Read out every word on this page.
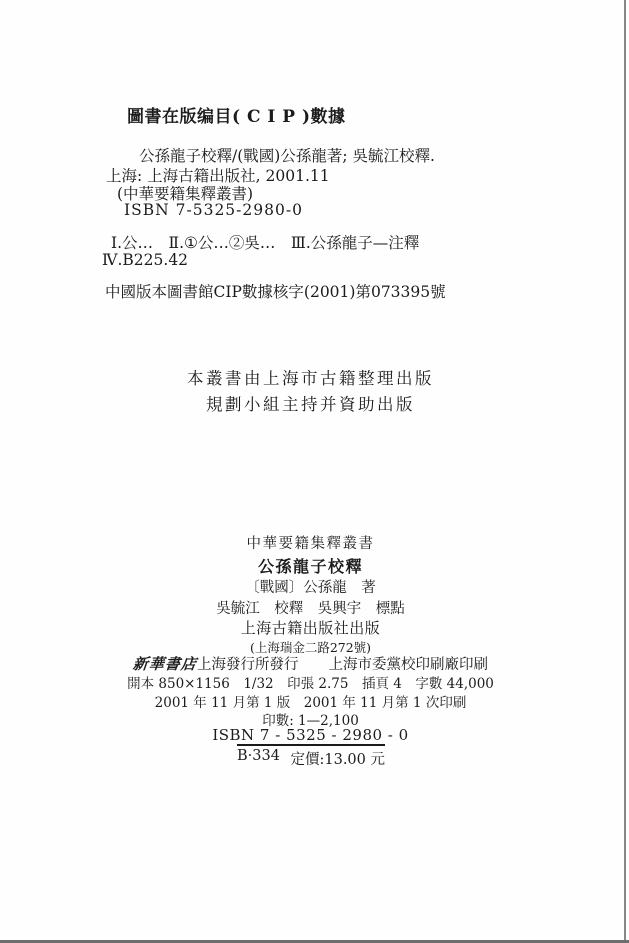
圖書在版编目( C I P )數據
公孫龍子校釋/(戰國)公孫龍著; 吳毓江校釋.
上海: 上海古籍出版社, 2001.11
(中華要籍集釋叢書)
ISBN 7-5325-2980-0
Ⅰ.公…　Ⅱ.①公…②吳…　Ⅲ.公孫龍子—注釋
Ⅳ.B225.42
中國版本圖書館CIP數據核字(2001)第073395號
本叢書由上海市古籍整理出版
規劃小組主持并資助出版
中華要籍集釋叢書
公孫龍子校釋
〔戰國〕公孫龍　著
吳毓江　校釋　吳興宇　標點
上海古籍出版社出版
(上海瑞金二路272號)
新華書店上海發行所發行 上海市委黨校印刷廠印刷
開本 850×1156　1/32　印張 2.75　插頁 4　字數 44,000
2001 年 11 月第 1 版　2001 年 11 月第 1 次印刷
印數: 1—2,100
ISBN 7 - 5325 - 2980 - 0
B·334 定價:13.00 元
